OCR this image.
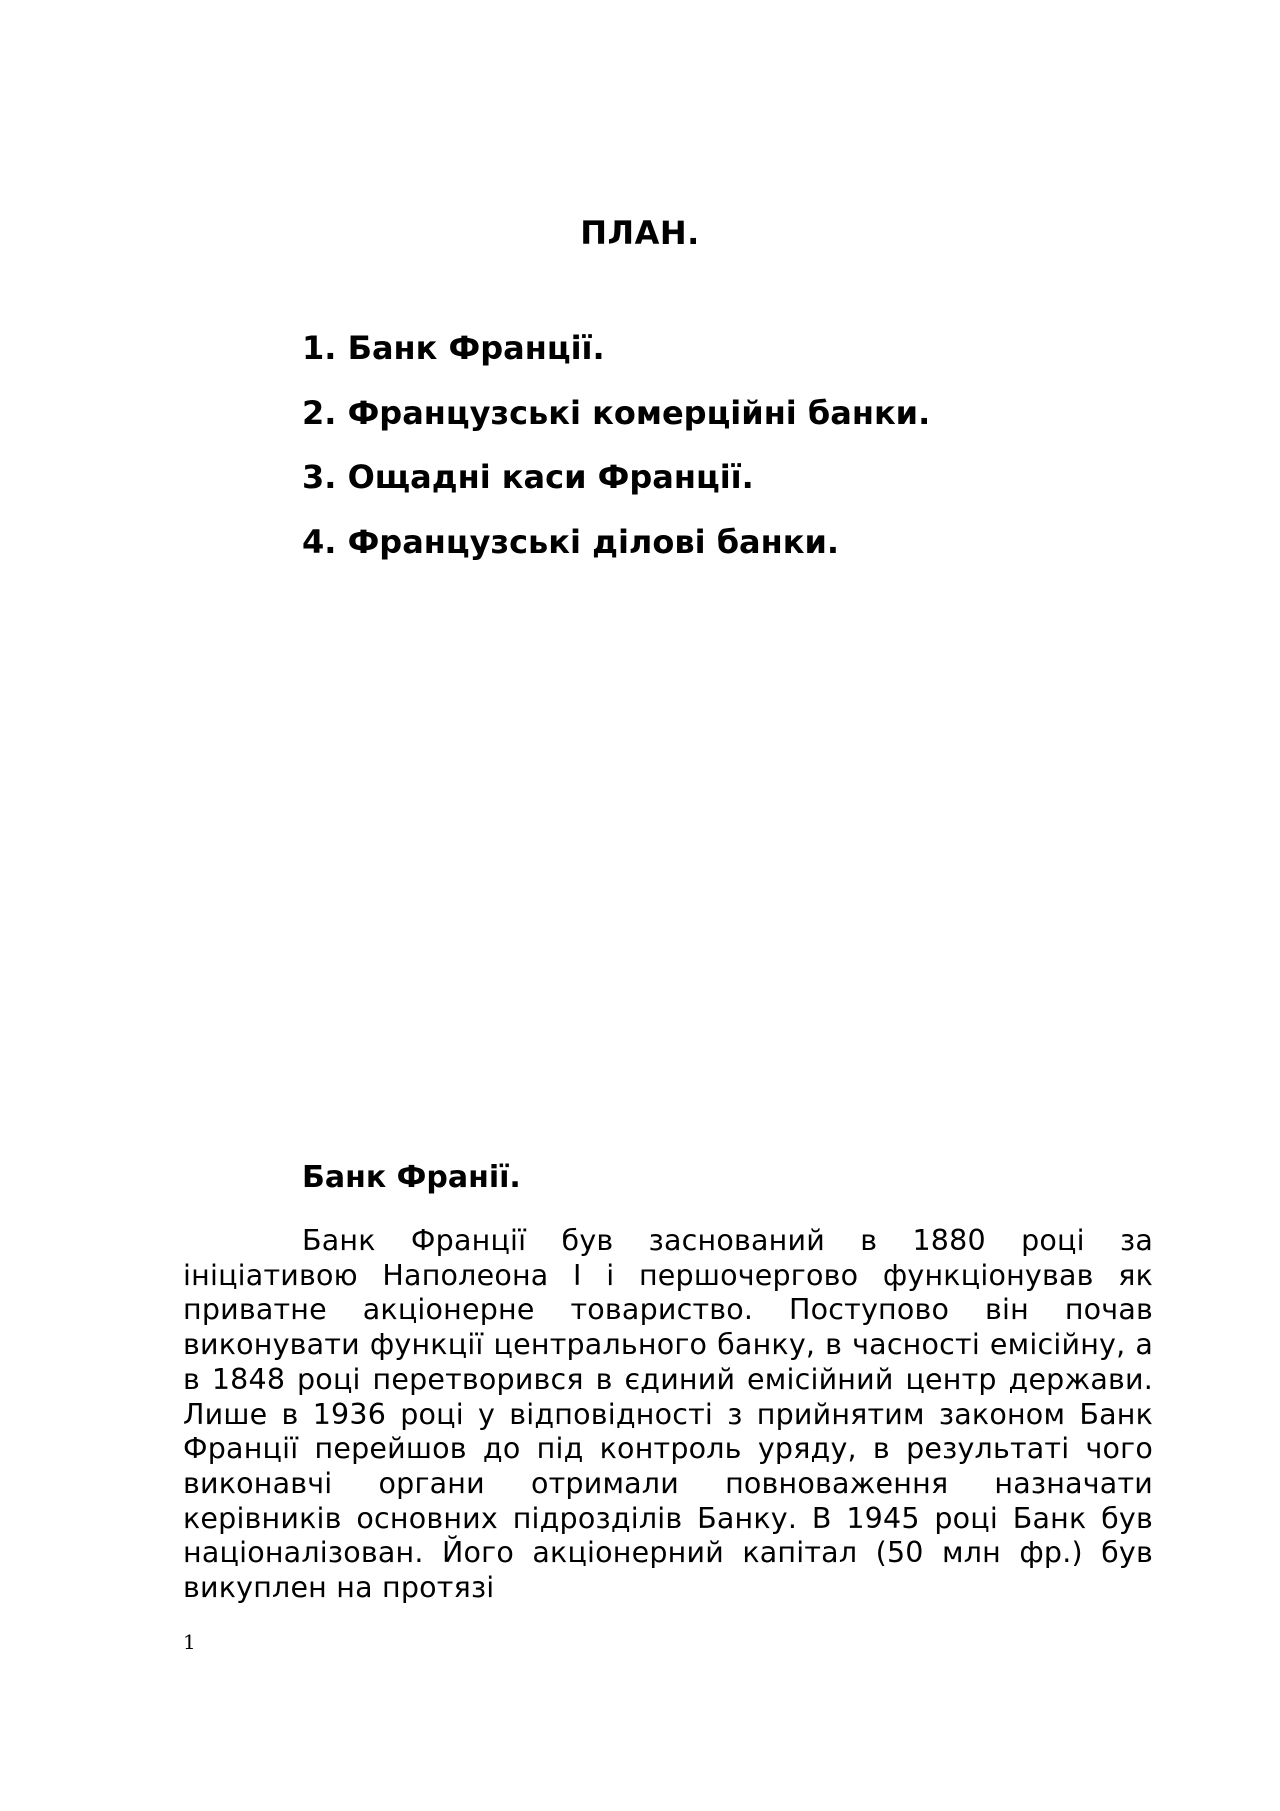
ПЛАН.
1. Банк Франції.
2. Французські комерційні банки.
3. Ощадні каси Франції.
4. Французські ділові банки.
Банк Франії.

Банк Франції був заснований в 1880 році за ініціативою Наполеона І і першочергово функціонував як приватне акціонерне товариство. Поступово він почав виконувати функції центрального банку, в часності емісійну, а в 1848 році перетворився в єдиний емісійний центр держави. Лише в 1936 році у відповідності з прийнятим законом Банк Франції перейшов до під контроль уряду, в результаті чого виконавчі органи отримали повноваження назначати керівників основних підрозділів Банку. В 1945 році Банк був націоналізован. Його акціонерний капітал (50 млн фр.) був викуплен на протязі

1
